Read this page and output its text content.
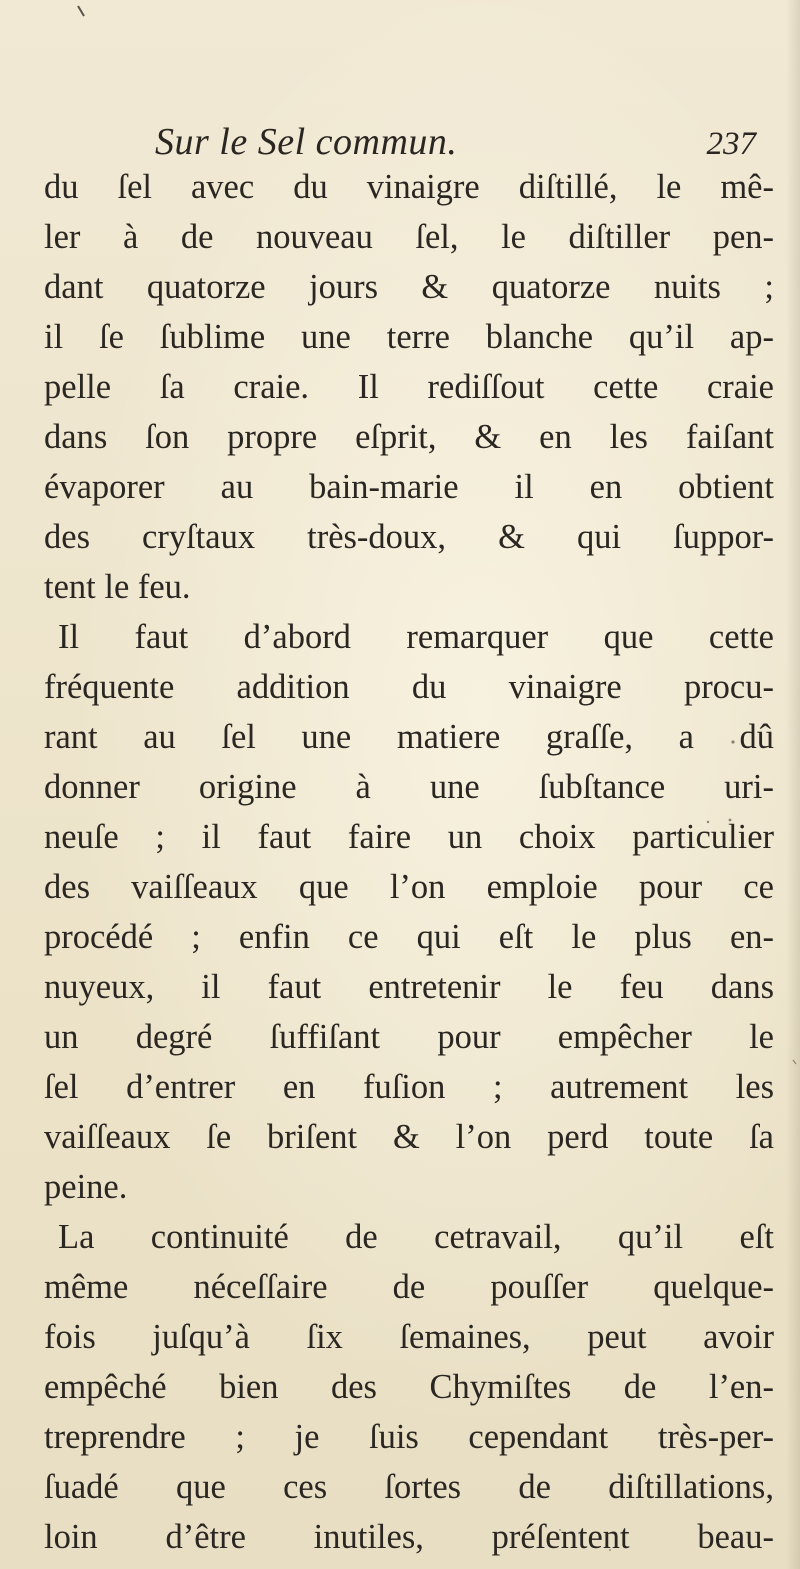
Sur le Sel commun.	237
du ſel avec du vinaigre diſtillé, le mê-
ler à de nouveau ſel, le diſtiller pen-
dant quatorze jours & quatorze nuits ;
il ſe ſublime une terre blanche qu’il ap-
pelle ſa craie. Il rediſſout cette craie
dans ſon propre eſprit, & en les faiſant
évaporer au bain-marie il en obtient
des cryſtaux très-doux, & qui ſuppor-
tent le feu.
Il faut d’abord remarquer que cette
fréquente addition du vinaigre procu-
rant au ſel une matiere graſſe, a dû
donner origine à une ſubſtance uri-
neuſe ; il faut faire un choix particulier
des vaiſſeaux que l’on emploie pour ce
procédé ; enfin ce qui eſt le plus en-
nuyeux, il faut entretenir le feu dans
un degré ſuffiſant pour empêcher le
ſel d’entrer en fuſion ; autrement les
vaiſſeaux ſe briſent & l’on perd toute ſa
peine.
La continuité de cetravail, qu’il eſt
même néceſſaire de pouſſer quelque-
fois juſqu’à ſix ſemaines, peut avoir
empêché bien des Chymiſtes de l’en-
treprendre ; je ſuis cependant très-per-
ſuadé que ces ſortes de diſtillations,
loin d’être inutiles, préſentent beau-
